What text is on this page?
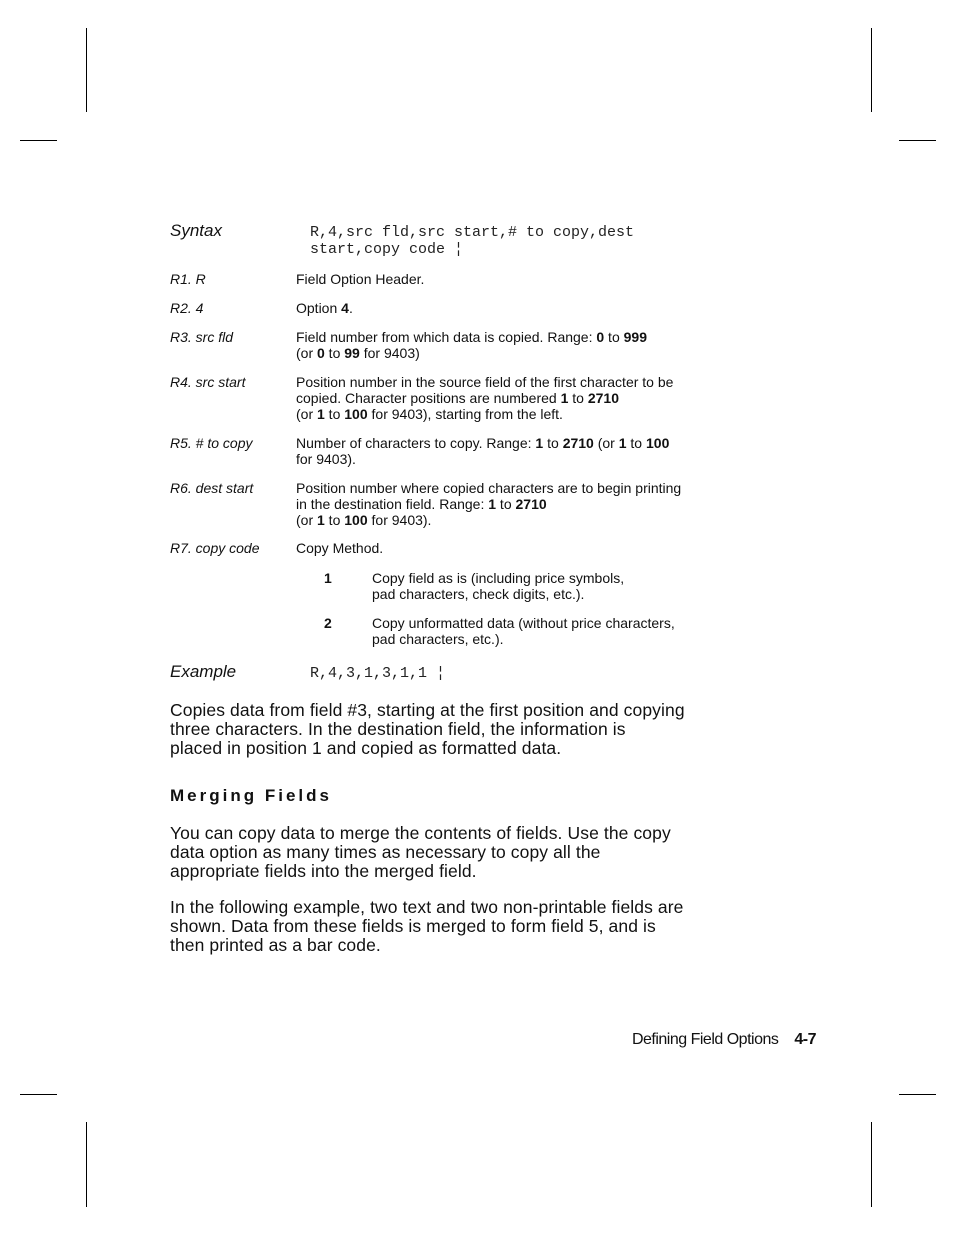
Syntax	R,4,src fld,src start,# to copy,dest
start,copy code ¦
R1. R	Field Option Header.
R2. 4	Option 4.
R3. src fld	Field number from which data is copied. Range: 0 to 999
(or 0 to 99 for 9403)
R4. src start	Position number in the source field of the first character to be
copied. Character positions are numbered 1 to 2710
(or 1 to 100 for 9403), starting from the left.
R5. # to copy	Number of characters to copy. Range: 1 to 2710 (or 1 to 100
for 9403).
R6. dest start	Position number where copied characters are to begin printing
in the destination field. Range: 1 to 2710
(or 1 to 100 for 9403).
R7. copy code	Copy Method.
1	Copy field as is (including price symbols,
pad characters, check digits, etc.).
2	Copy unformatted data (without price characters,
pad characters, etc.).
Example	R,4,3,1,3,1,1 ¦
Copies data from field #3, starting at the first position and copying
three characters. In the destination field, the information is
placed in position 1 and copied as formatted data.
Merging Fields
You can copy data to merge the contents of fields. Use the copy
data option as many times as necessary to copy all the
appropriate fields into the merged field.
In the following example, two text and two non-printable fields are
shown. Data from these fields is merged to form field 5, and is
then printed as a bar code.
Defining Field Options 4-7
